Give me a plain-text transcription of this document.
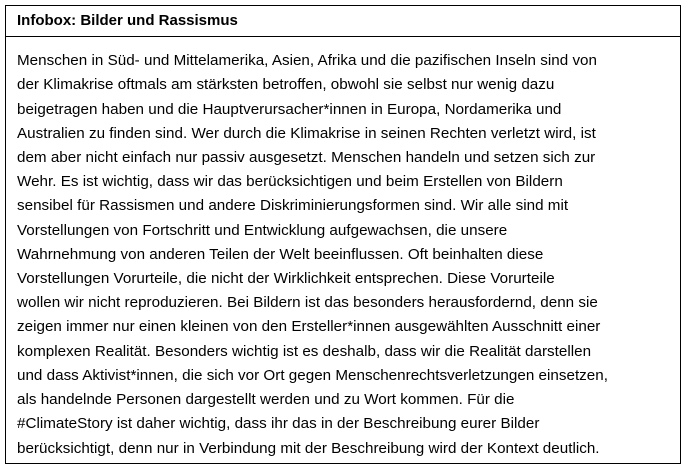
Infobox: Bilder und Rassismus
Menschen in Süd- und Mittelamerika, Asien, Afrika und die pazifischen Inseln sind von
der Klimakrise oftmals am stärksten betroffen, obwohl sie selbst nur wenig dazu
beigetragen haben und die Hauptverursacher*innen in Europa, Nordamerika und
Australien zu finden sind. Wer durch die Klimakrise in seinen Rechten verletzt wird, ist
dem aber nicht einfach nur passiv ausgesetzt. Menschen handeln und setzen sich zur
Wehr. Es ist wichtig, dass wir das berücksichtigen und beim Erstellen von Bildern
sensibel für Rassismen und andere Diskriminierungsformen sind. Wir alle sind mit
Vorstellungen von Fortschritt und Entwicklung aufgewachsen, die unsere
Wahrnehmung von anderen Teilen der Welt beeinflussen. Oft beinhalten diese
Vorstellungen Vorurteile, die nicht der Wirklichkeit entsprechen. Diese Vorurteile
wollen wir nicht reproduzieren. Bei Bildern ist das besonders herausfordernd, denn sie
zeigen immer nur einen kleinen von den Ersteller*innen ausgewählten Ausschnitt einer
komplexen Realität. Besonders wichtig ist es deshalb, dass wir die Realität darstellen
und dass Aktivist*innen, die sich vor Ort gegen Menschenrechtsverletzungen einsetzen,
als handelnde Personen dargestellt werden und zu Wort kommen. Für die
#ClimateStory ist daher wichtig, dass ihr das in der Beschreibung eurer Bilder
berücksichtigt, denn nur in Verbindung mit der Beschreibung wird der Kontext deutlich.
